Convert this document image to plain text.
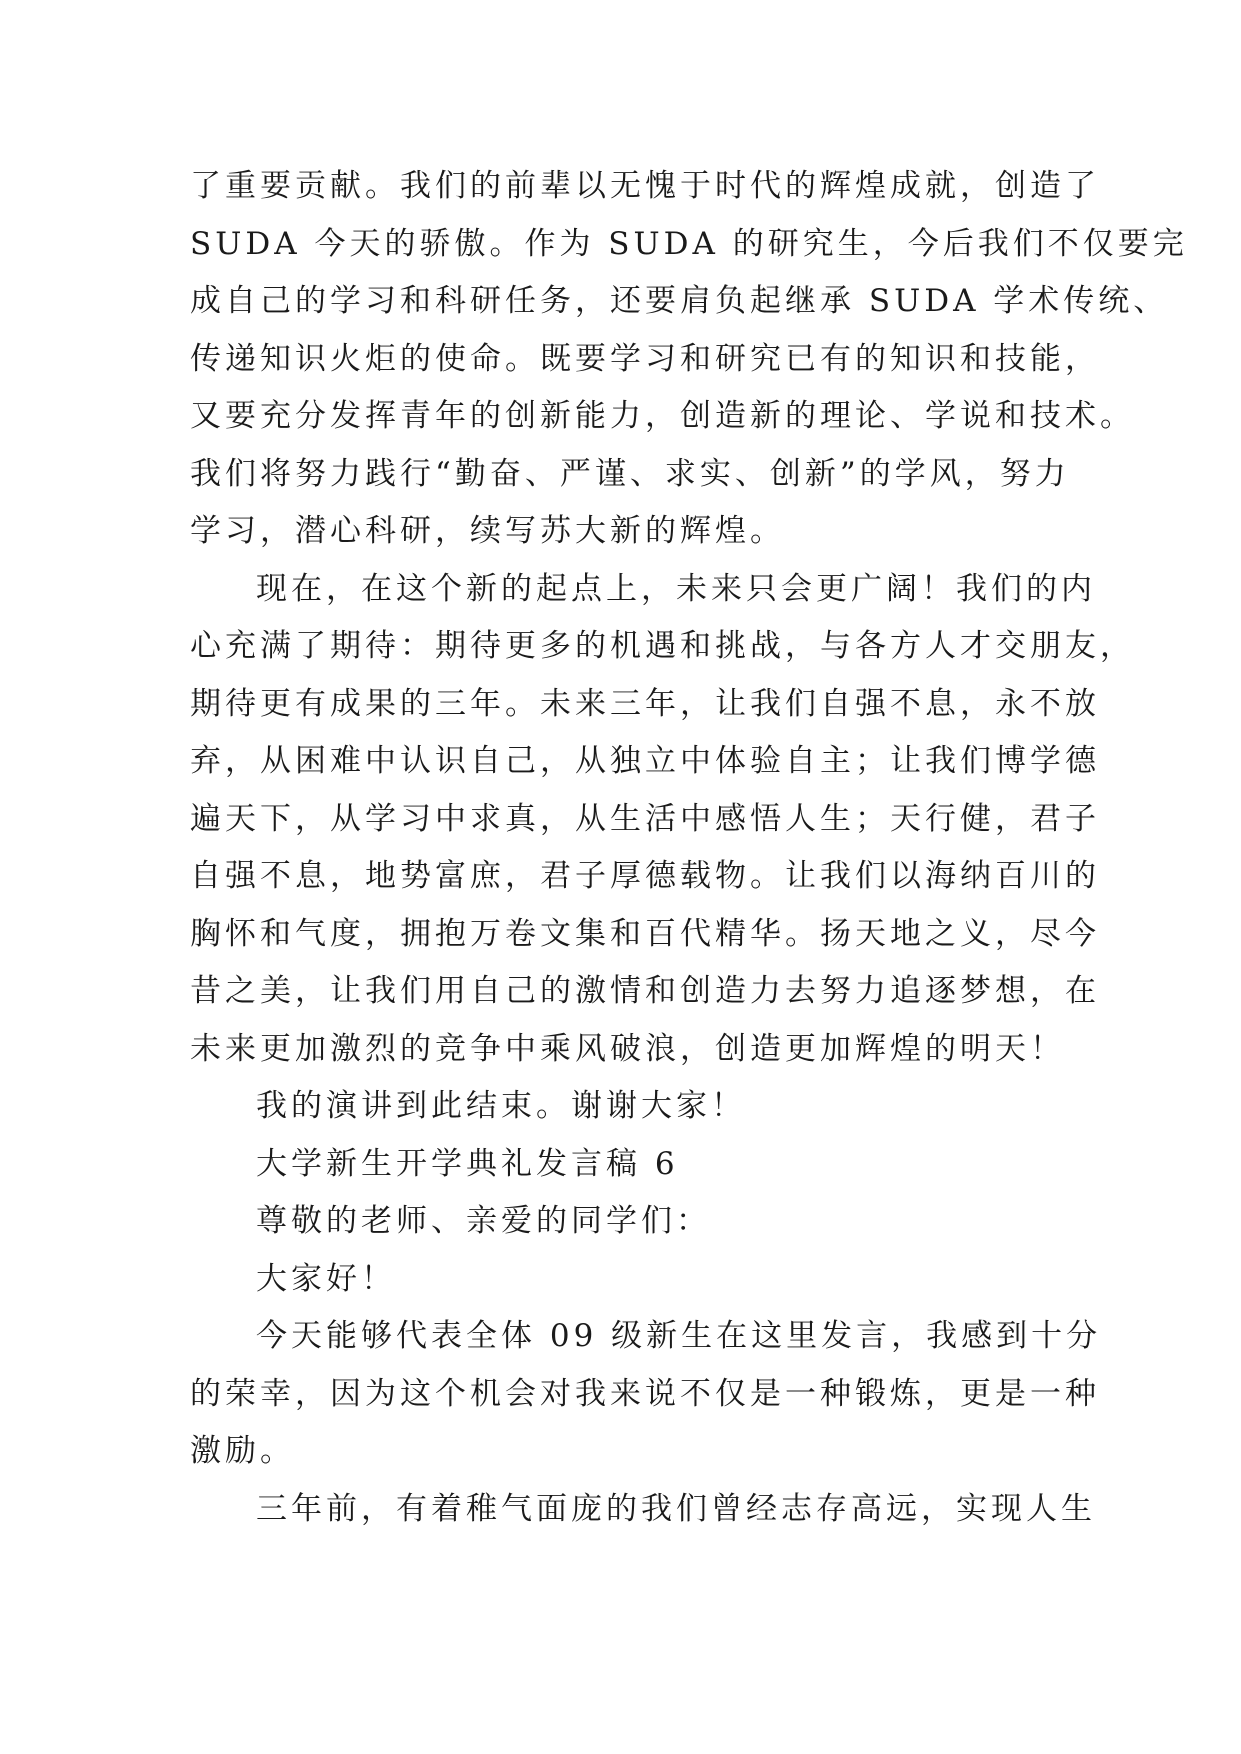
了重要贡献。我们的前辈以无愧于时代的辉煌成就，创造了
SUDA 今天的骄傲。作为 SUDA 的研究生，今后我们不仅要完
成自己的学习和科研任务，还要肩负起继承 SUDA 学术传统、
传递知识火炬的使命。既要学习和研究已有的知识和技能，
又要充分发挥青年的创新能力，创造新的理论、学说和技术。
我们将努力践行“勤奋、严谨、求实、创新”的学风，努力
学习，潜心科研，续写苏大新的辉煌。
现在，在这个新的起点上，未来只会更广阔！我们的内
心充满了期待：期待更多的机遇和挑战，与各方人才交朋友，
期待更有成果的三年。未来三年，让我们自强不息，永不放
弃，从困难中认识自己，从独立中体验自主；让我们博学德
遍天下，从学习中求真，从生活中感悟人生；天行健，君子
自强不息，地势富庶，君子厚德载物。让我们以海纳百川的
胸怀和气度，拥抱万卷文集和百代精华。扬天地之义，尽今
昔之美，让我们用自己的激情和创造力去努力追逐梦想，在
未来更加激烈的竞争中乘风破浪，创造更加辉煌的明天！
我的演讲到此结束。谢谢大家！
大学新生开学典礼发言稿 6
尊敬的老师、亲爱的同学们：
大家好！
今天能够代表全体 09 级新生在这里发言，我感到十分
的荣幸，因为这个机会对我来说不仅是一种锻炼，更是一种
激励。
三年前，有着稚气面庞的我们曾经志存高远，实现人生
